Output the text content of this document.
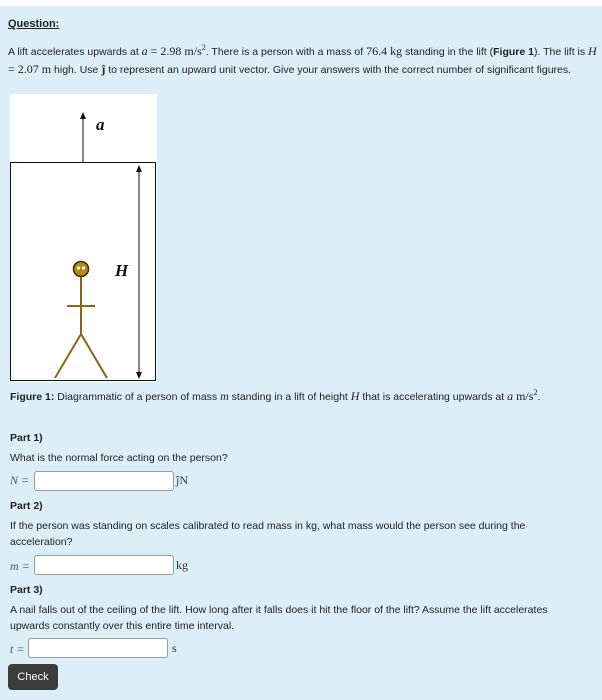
Question:
A lift accelerates upwards at a = 2.98 $m/s^2$. There is a person with a mass of 76.4 kg standing in the lift (Figure 1). The lift is H = 2.07 m high. Use ĵ to represent an upward unit vector. Give your answers with the correct number of significant figures.
a
H
Figure 1: Diagrammatic of a person of mass m standing in a lift of height H that is accelerating upwards at a $m/s^2$.
Part 1)
What is the normal force acting on the person?
N =	ĵN
Part 2)
If the person was standing on scales calibrated to read mass in kg, what mass would the person see during the acceleration?
m =	kg
Part 3)
A nail falls out of the ceiling of the lift. How long after it falls does it hit the floor of the lift? Assume the lift accelerates upwards constantly over this entire time interval.
t =	s
Check
